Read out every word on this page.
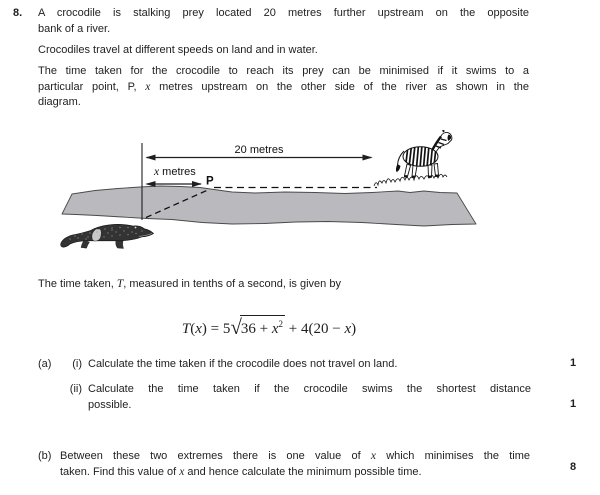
8. A crocodile is stalking prey located 20 metres further upstream on the opposite
bank of a river.
Crocodiles travel at different speeds on land and in water.
The time taken for the crocodile to reach its prey can be minimised if it swims to a
particular point, P, x metres upstream on the other side of the river as shown in the
diagram.
20 metres
x metres
P
The time taken, T, measured in tenths of a second, is given by
$T(x) = 5√36 + x^2 + 4(20 - x)$
(a)	(i) Calculate the time taken if the crocodile does not travel on land.	1
(ii) Calculate the time taken if the crocodile swims the shortest distance
possible.	1
(b) Between these two extremes there is one value of x which minimises the time
taken. Find this value of x and hence calculate the minimum possible time.	8
